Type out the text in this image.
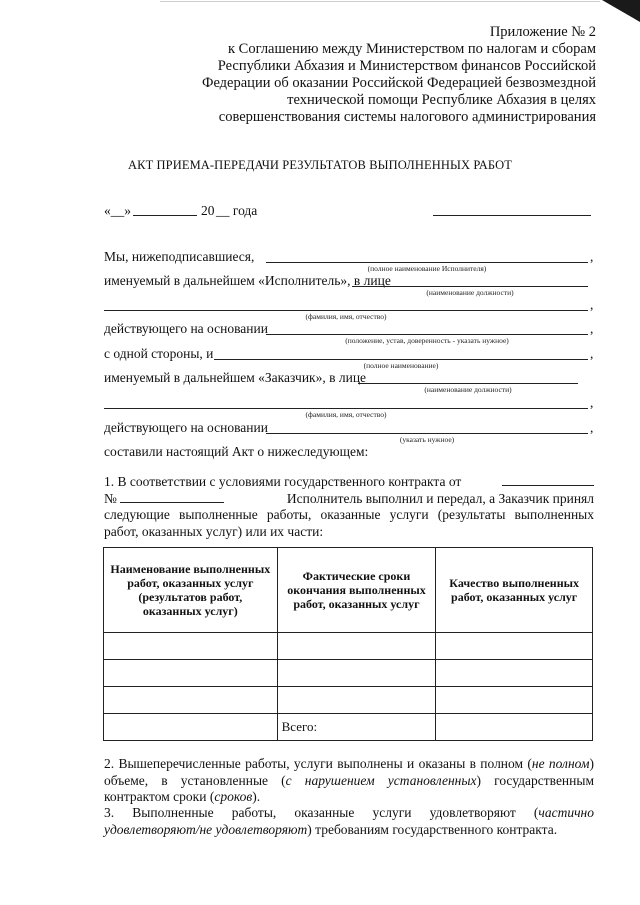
Приложение № 2
к Соглашению между Министерством по налогам и сборам
Республики Абхазия и Министерством финансов Российской
Федерации об оказании Российской Федерацией безвозмездной
технической помощи Республике Абхазия в целях
совершенствования системы налогового администрирования
АКТ ПРИЕМА-ПЕРЕДАЧИ РЕЗУЛЬТАТОВ ВЫПОЛНЕННЫХ РАБОТ
«__»	20 __ года
Мы, нижеподписавшиеся,	,
(полное наименование Исполнителя)
именуемый в дальнейшем «Исполнитель», в лице
(наименование должности)
,
(фамилия, имя, отчество)
действующего на основании	,
(положение, устав, доверенность - указать нужное)
с одной стороны, и	,
(полное наименование)
именуемый в дальнейшем «Заказчик», в лице
(наименование должности)
,
(фамилия, имя, отчество)
действующего на основании	,
(указать нужное)
составили настоящий Акт о нижеследующем:
1. В соответствии с условиями государственного контракта от
№	Исполнитель выполнил и передал, а Заказчик принял
следующие выполненные работы, оказанные услуги (результаты выполненных работ, оказанных услуг) или их части:
Наименование выполненных работ, оказанных услуг (результатов работ, оказанных услуг)	Фактические сроки окончания выполненных работ, оказанных услуг	Качество выполненных работ, оказанных услуг

	Всего:	
2. Вышеперечисленные работы, услуги выполнены и оказаны в полном (не полном) объеме, в установленные (с нарушением установленных) государственным контрактом сроки (сроков).
3. Выполненные работы, оказанные услуги удовлетворяют (частично удовлетворяют/не удовлетворяют) требованиям государственного контракта.
